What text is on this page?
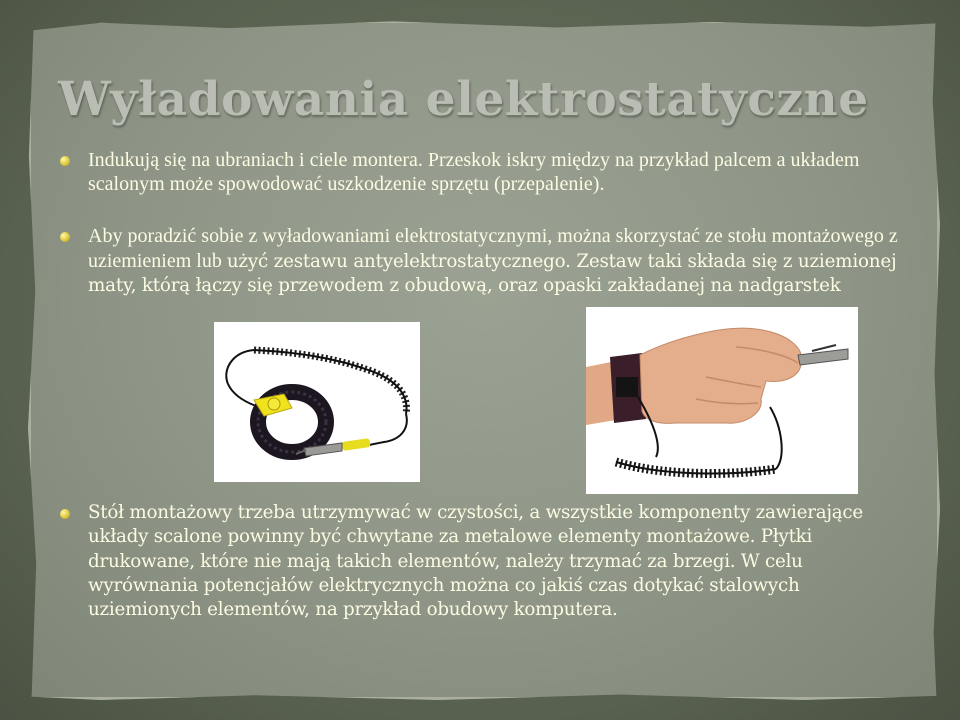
Wyładowania elektrostatyczne
Indukują się na ubraniach i ciele montera. Przeskok iskry między na przykład palcem a układem scalonym może spowodować uszkodzenie sprzętu (przepalenie).
Aby poradzić sobie z wyładowaniami elektrostatycznymi, można skorzystać ze stołu montażowego z uziemieniem lub użyć zestawu antyelektrostatycznego. Zestaw taki składa się z uziemionej maty, którą łączy się przewodem z obudową, oraz opaski zakładanej na nadgarstek
Stół montażowy trzeba utrzymywać w czystości, a wszystkie komponenty zawierające układy scalone powinny być chwytane za metalowe elementy montażowe. Płytki drukowane, które nie mają takich elementów, należy trzymać za brzegi. W celu wyrównania potencjałów elektrycznych można co jakiś czas dotykać stalowych uziemionych elementów, na przykład obudowy komputera.
